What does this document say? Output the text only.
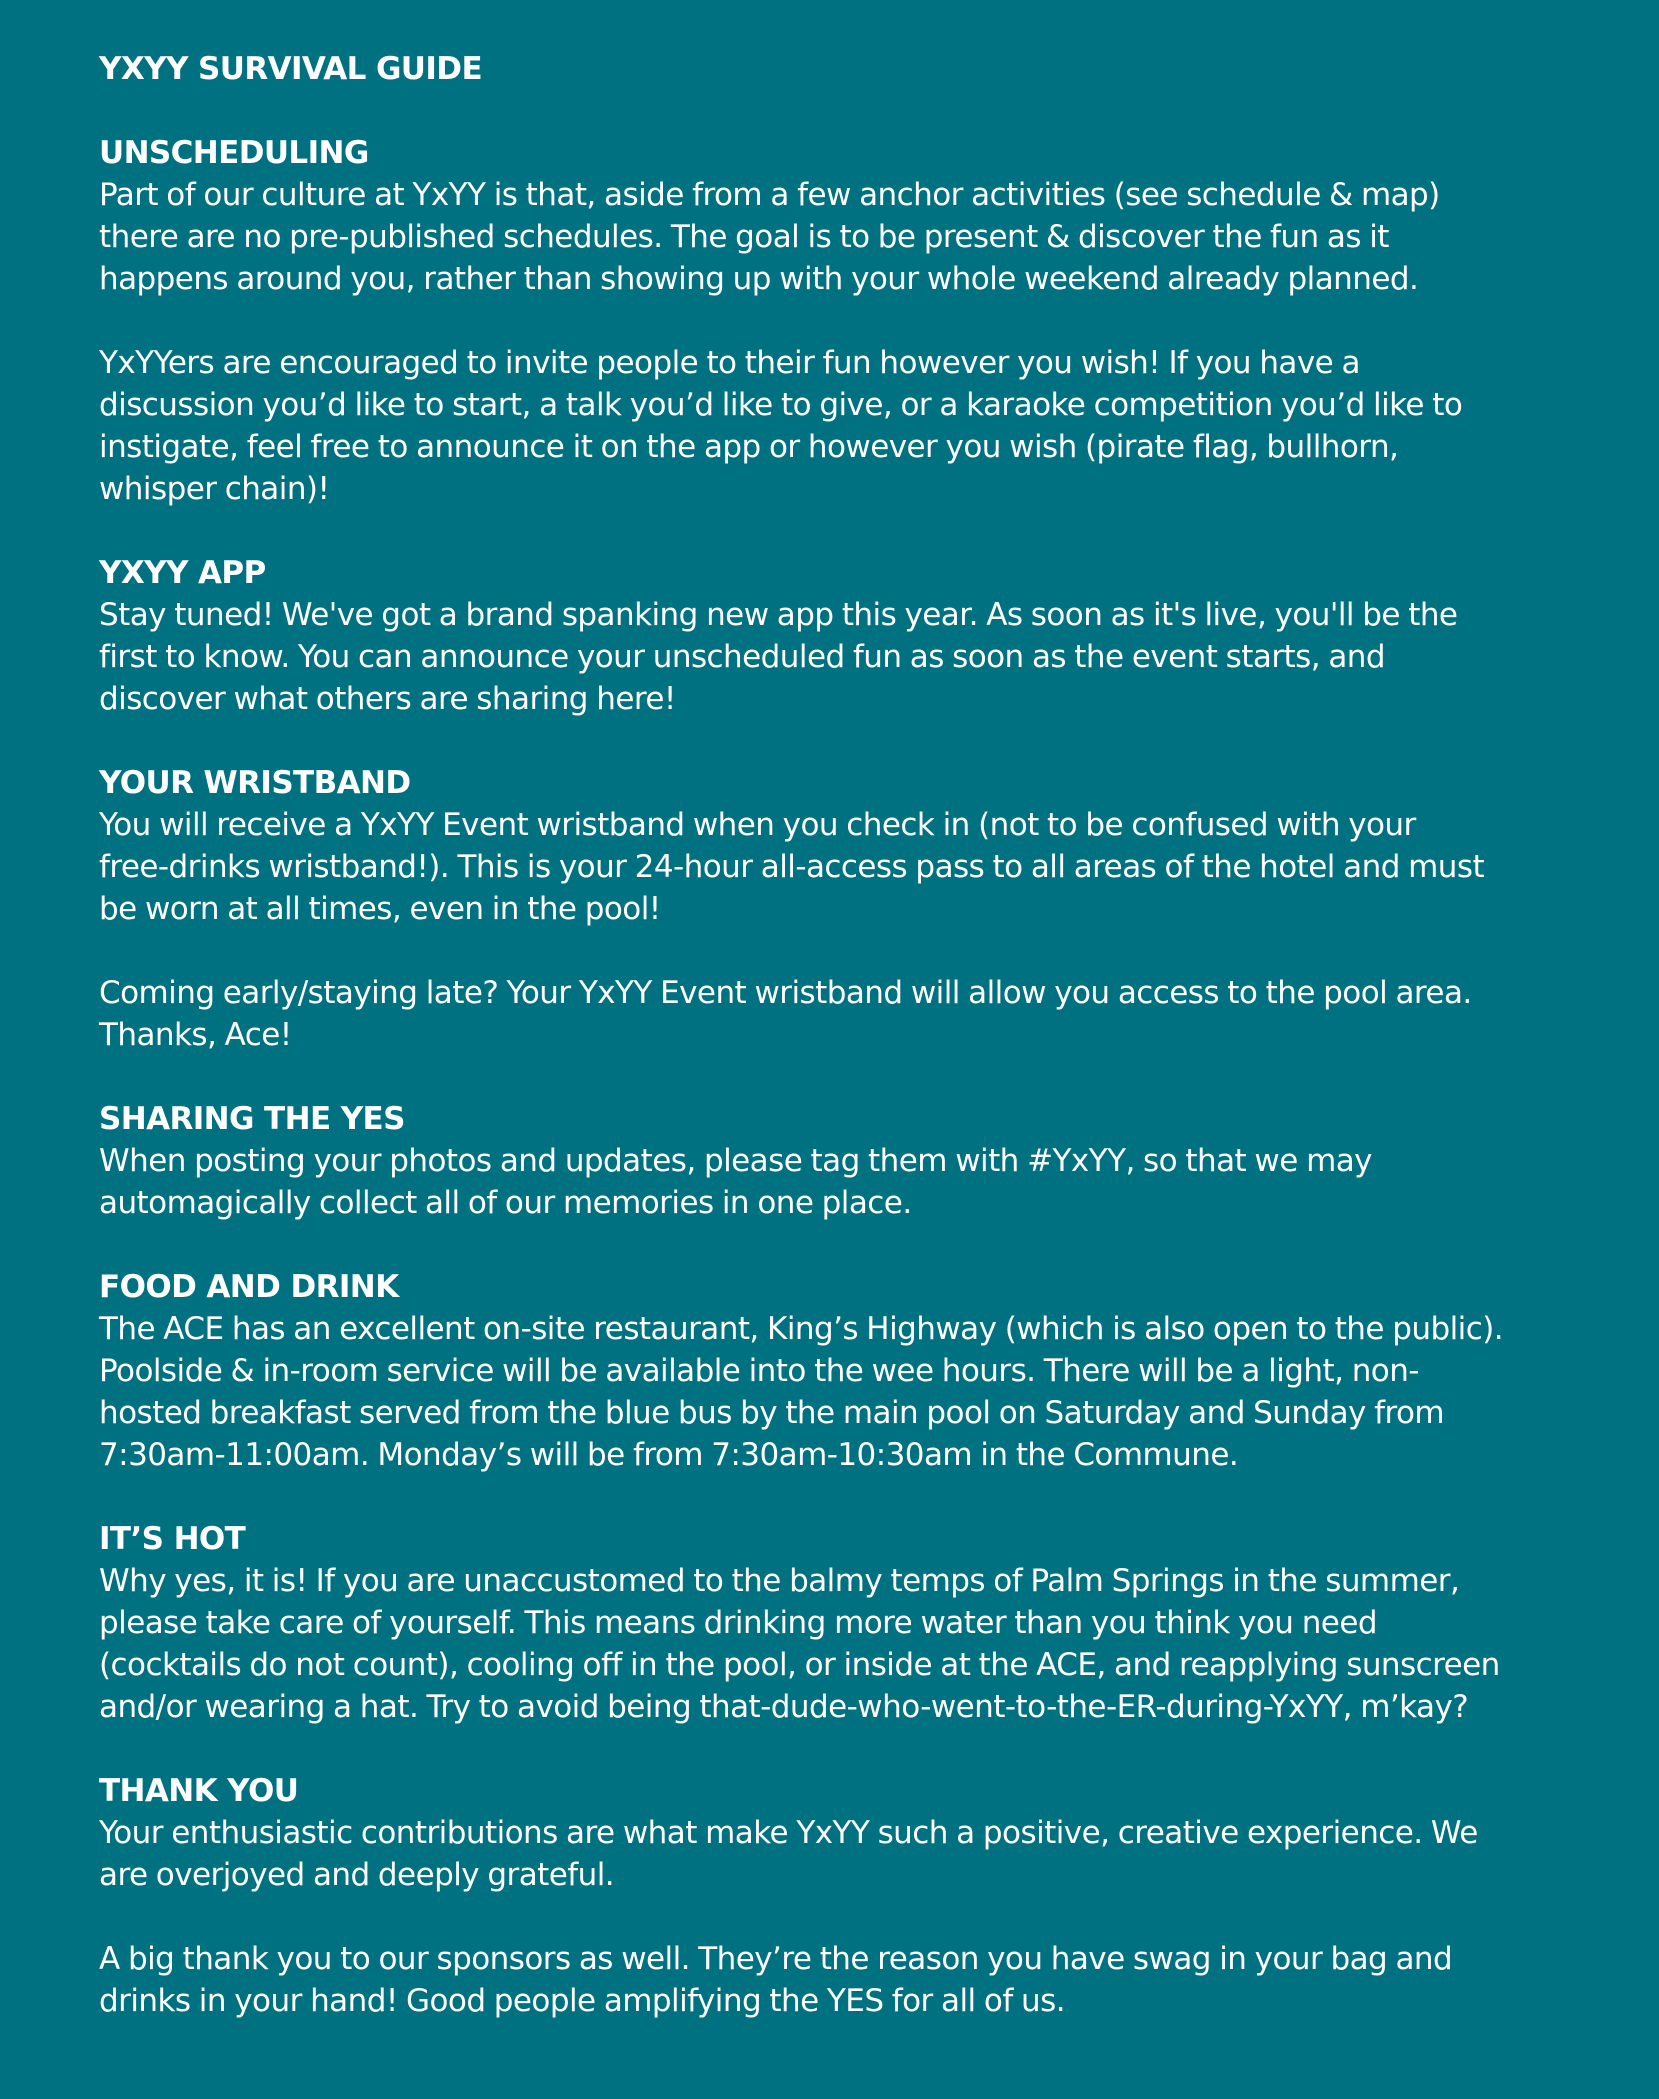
YXYY SURVIVAL GUIDE
UNSCHEDULING
Part of our culture at YxYY is that, aside from a few anchor activities (see schedule & map)
there are no pre-published schedules. The goal is to be present & discover the fun as it
happens around you, rather than showing up with your whole weekend already planned.
YxYYers are encouraged to invite people to their fun however you wish! If you have a
discussion you’d like to start, a talk you’d like to give, or a karaoke competition you’d like to
instigate, feel free to announce it on the app or however you wish (pirate flag, bullhorn,
whisper chain)!
YXYY APP
Stay tuned! We've got a brand spanking new app this year. As soon as it's live, you'll be the
first to know. You can announce your unscheduled fun as soon as the event starts, and
discover what others are sharing here!
YOUR WRISTBAND
You will receive a YxYY Event wristband when you check in (not to be confused with your
free-drinks wristband!). This is your 24-hour all-access pass to all areas of the hotel and must
be worn at all times, even in the pool!
Coming early/staying late? Your YxYY Event wristband will allow you access to the pool area.
Thanks, Ace!
SHARING THE YES
When posting your photos and updates, please tag them with #YxYY, so that we may
automagically collect all of our memories in one place.
FOOD AND DRINK
The ACE has an excellent on-site restaurant, King’s Highway (which is also open to the public).
Poolside & in-room service will be available into the wee hours. There will be a light, non-
hosted breakfast served from the blue bus by the main pool on Saturday and Sunday from
7:30am-11:00am. Monday’s will be from 7:30am-10:30am in the Commune.
IT’S HOT
Why yes, it is! If you are unaccustomed to the balmy temps of Palm Springs in the summer,
please take care of yourself. This means drinking more water than you think you need
(cocktails do not count), cooling off in the pool, or inside at the ACE, and reapplying sunscreen
and/or wearing a hat. Try to avoid being that-dude-who-went-to-the-ER-during-YxYY, m’kay?
THANK YOU
Your enthusiastic contributions are what make YxYY such a positive, creative experience. We
are overjoyed and deeply grateful.
A big thank you to our sponsors as well. They’re the reason you have swag in your bag and
drinks in your hand! Good people amplifying the YES for all of us.
